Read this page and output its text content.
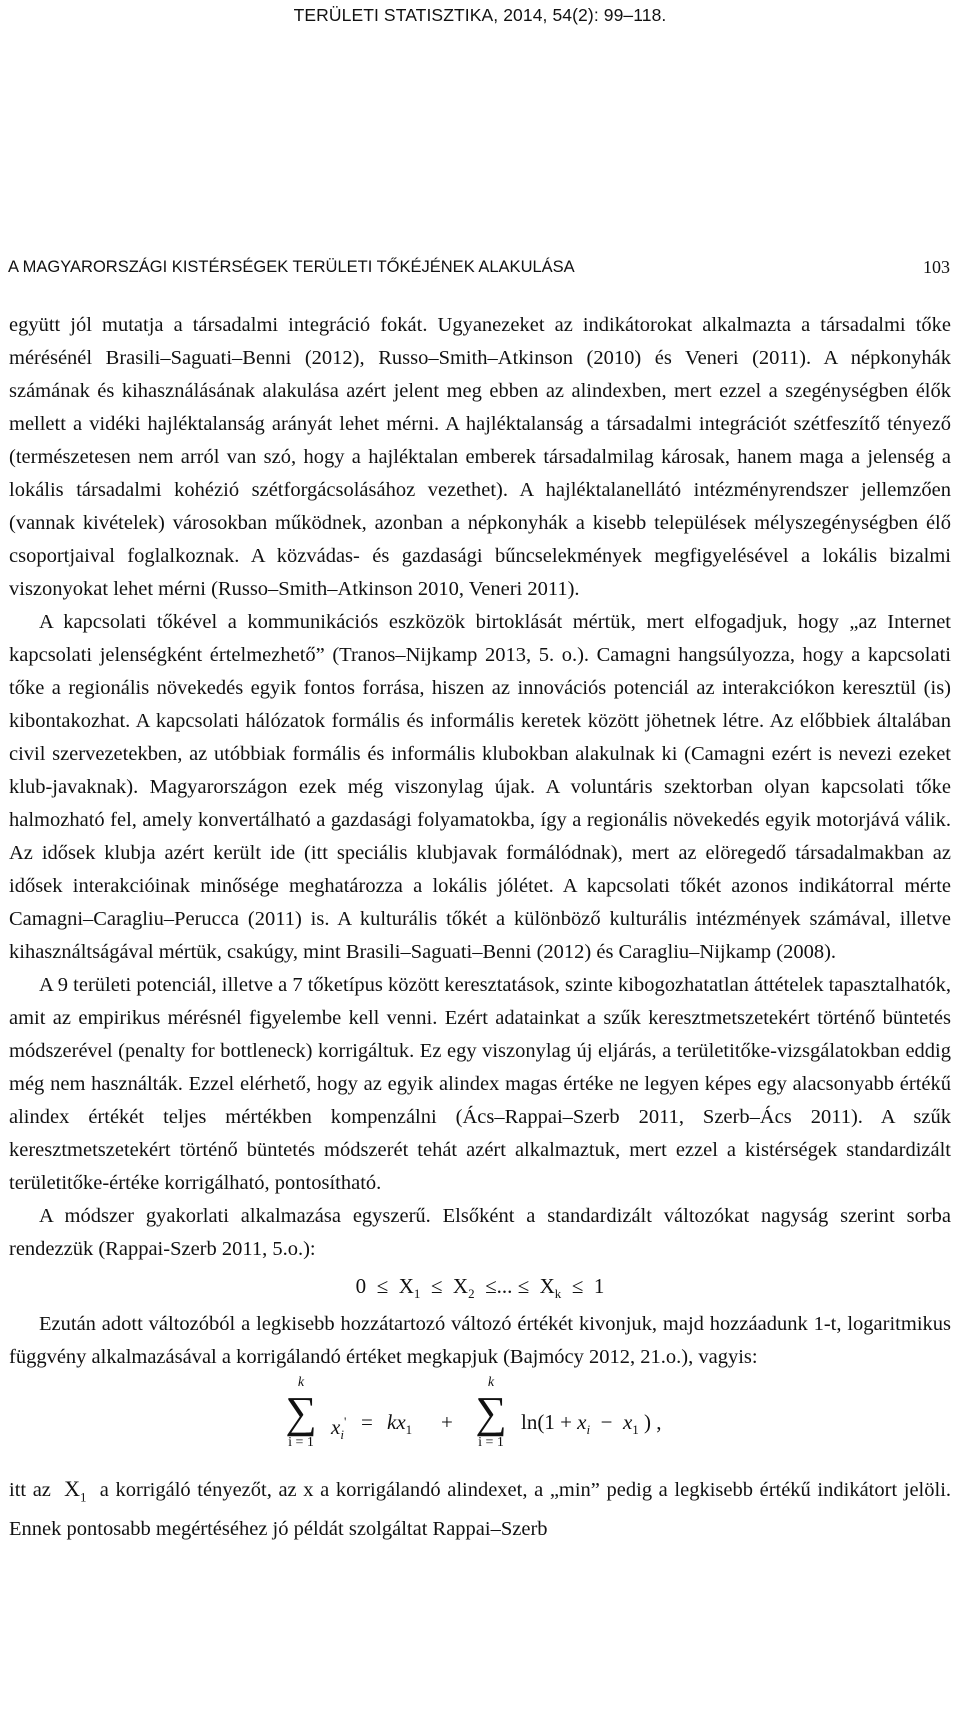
TERÜLETI STATISZTIKA, 2014, 54(2): 99–118.
A MAGYARORSZÁGI KISTÉRSÉGEK TERÜLETI TŐKÉJÉNEK ALAKULÁSA	103

együtt jól mutatja a társadalmi integráció fokát. Ugyanezeket az indikátorokat alkalmazta a társadalmi tőke mérésénél Brasili–Saguati–Benni (2012), Russo–Smith–Atkinson (2010) és Veneri (2011). A népkonyhák számának és kihasználásának alakulása azért jelent meg ebben az alindexben, mert ezzel a szegénységben élők mellett a vidéki hajléktalanság arányát lehet mérni. A hajléktalanság a társadalmi integrációt szétfeszítő tényező (természetesen nem arról van szó, hogy a hajléktalan emberek társadalmilag károsak, hanem maga a jelenség a lokális társadalmi kohézió szétforgácsolásához vezethet). A hajléktalanellátó intézményrendszer jellemzően (vannak kivételek) városokban működnek, azonban a népkonyhák a kisebb települések mélyszegénységben élő csoportjaival foglalkoznak. A közvádas- és gazdasági bűncselekmények megfigyelésével a lokális bizalmi viszonyokat lehet mérni (Russo–Smith–Atkinson 2010, Veneri 2011).

A kapcsolati tőkével a kommunikációs eszközök birtoklását mértük, mert elfogadjuk, hogy „az Internet kapcsolati jelenségként értelmezhető” (Tranos–Nijkamp 2013, 5. o.). Camagni hangsúlyozza, hogy a kapcsolati tőke a regionális növekedés egyik fontos forrása, hiszen az innovációs potenciál az interakciókon keresztül (is) kibontakozhat. A kapcsolati hálózatok formális és informális keretek között jöhetnek létre. Az előbbiek általában civil szervezetekben, az utóbbiak formális és informális klubokban alakulnak ki (Camagni ezért is nevezi ezeket klub-javaknak). Magyarországon ezek még viszonylag újak. A voluntáris szektorban olyan kapcsolati tőke halmozható fel, amely konvertálható a gazdasági folyamatokba, így a regionális növekedés egyik motorjává válik. Az idősek klubja azért került ide (itt speciális klubjavak formálódnak), mert az elöregedő társadalmakban az idősek interakcióinak minősége meghatározza a lokális jólétet. A kapcsolati tőkét azonos indikátorral mérte Camagni–Caragliu–Perucca (2011) is. A kulturális tőkét a különböző kulturális intézmények számával, illetve kihasználtságával mértük, csakúgy, mint Brasili–Saguati–Benni (2012) és Caragliu–Nijkamp (2008).

A 9 területi potenciál, illetve a 7 tőketípus között keresztatások, szinte kibogozhatatlan áttételek tapasztalhatók, amit az empirikus mérésnél figyelembe kell venni. Ezért adatainkat a szűk keresztmetszetekért történő büntetés módszerével (penalty for bottleneck) korrigáltuk. Ez egy viszonylag új eljárás, a területitőke-vizsgálatokban eddig még nem használták. Ezzel elérhető, hogy az egyik alindex magas értéke ne legyen képes egy alacsonyabb értékű alindex értékét teljes mértékben kompenzálni (Ács–Rappai–Szerb 2011, Szerb–Ács 2011). A szűk keresztmetszetekért történő büntetés módszerét tehát azért alkalmaztuk, mert ezzel a kistérségek standardizált területitőke-értéke korrigálható, pontosítható.

A módszer gyakorlati alkalmazása egyszerű. Elsőként a standardizált változókat nagyság szerint sorba rendezzük (Rappai-Szerb 2011, 5.o.):

$0 \le X_1 \le X_2$ ≤... ≤ $X_k \le 1$

Ezután adott változóból a legkisebb hozzátartozó változó értékét kivonjuk, majd hozzáadunk 1-t, logaritmikus függvény alkalmazásával a korrigálandó értéket megkapjuk (Bajmócy 2012, 21.o.), vagyis:

k
∑
i = 1
$x_i' = kx_1$ +
k
∑
i = 1
$\ln(1 + x_i - x_1$ ) ,

itt az $X_1$ a korrigáló tényezőt, az x a korrigálandó alindexet, a „min” pedig a legkisebb értékű indikátort jelöli. Ennek pontosabb megértéséhez jó példát szolgáltat Rappai–Szerb
